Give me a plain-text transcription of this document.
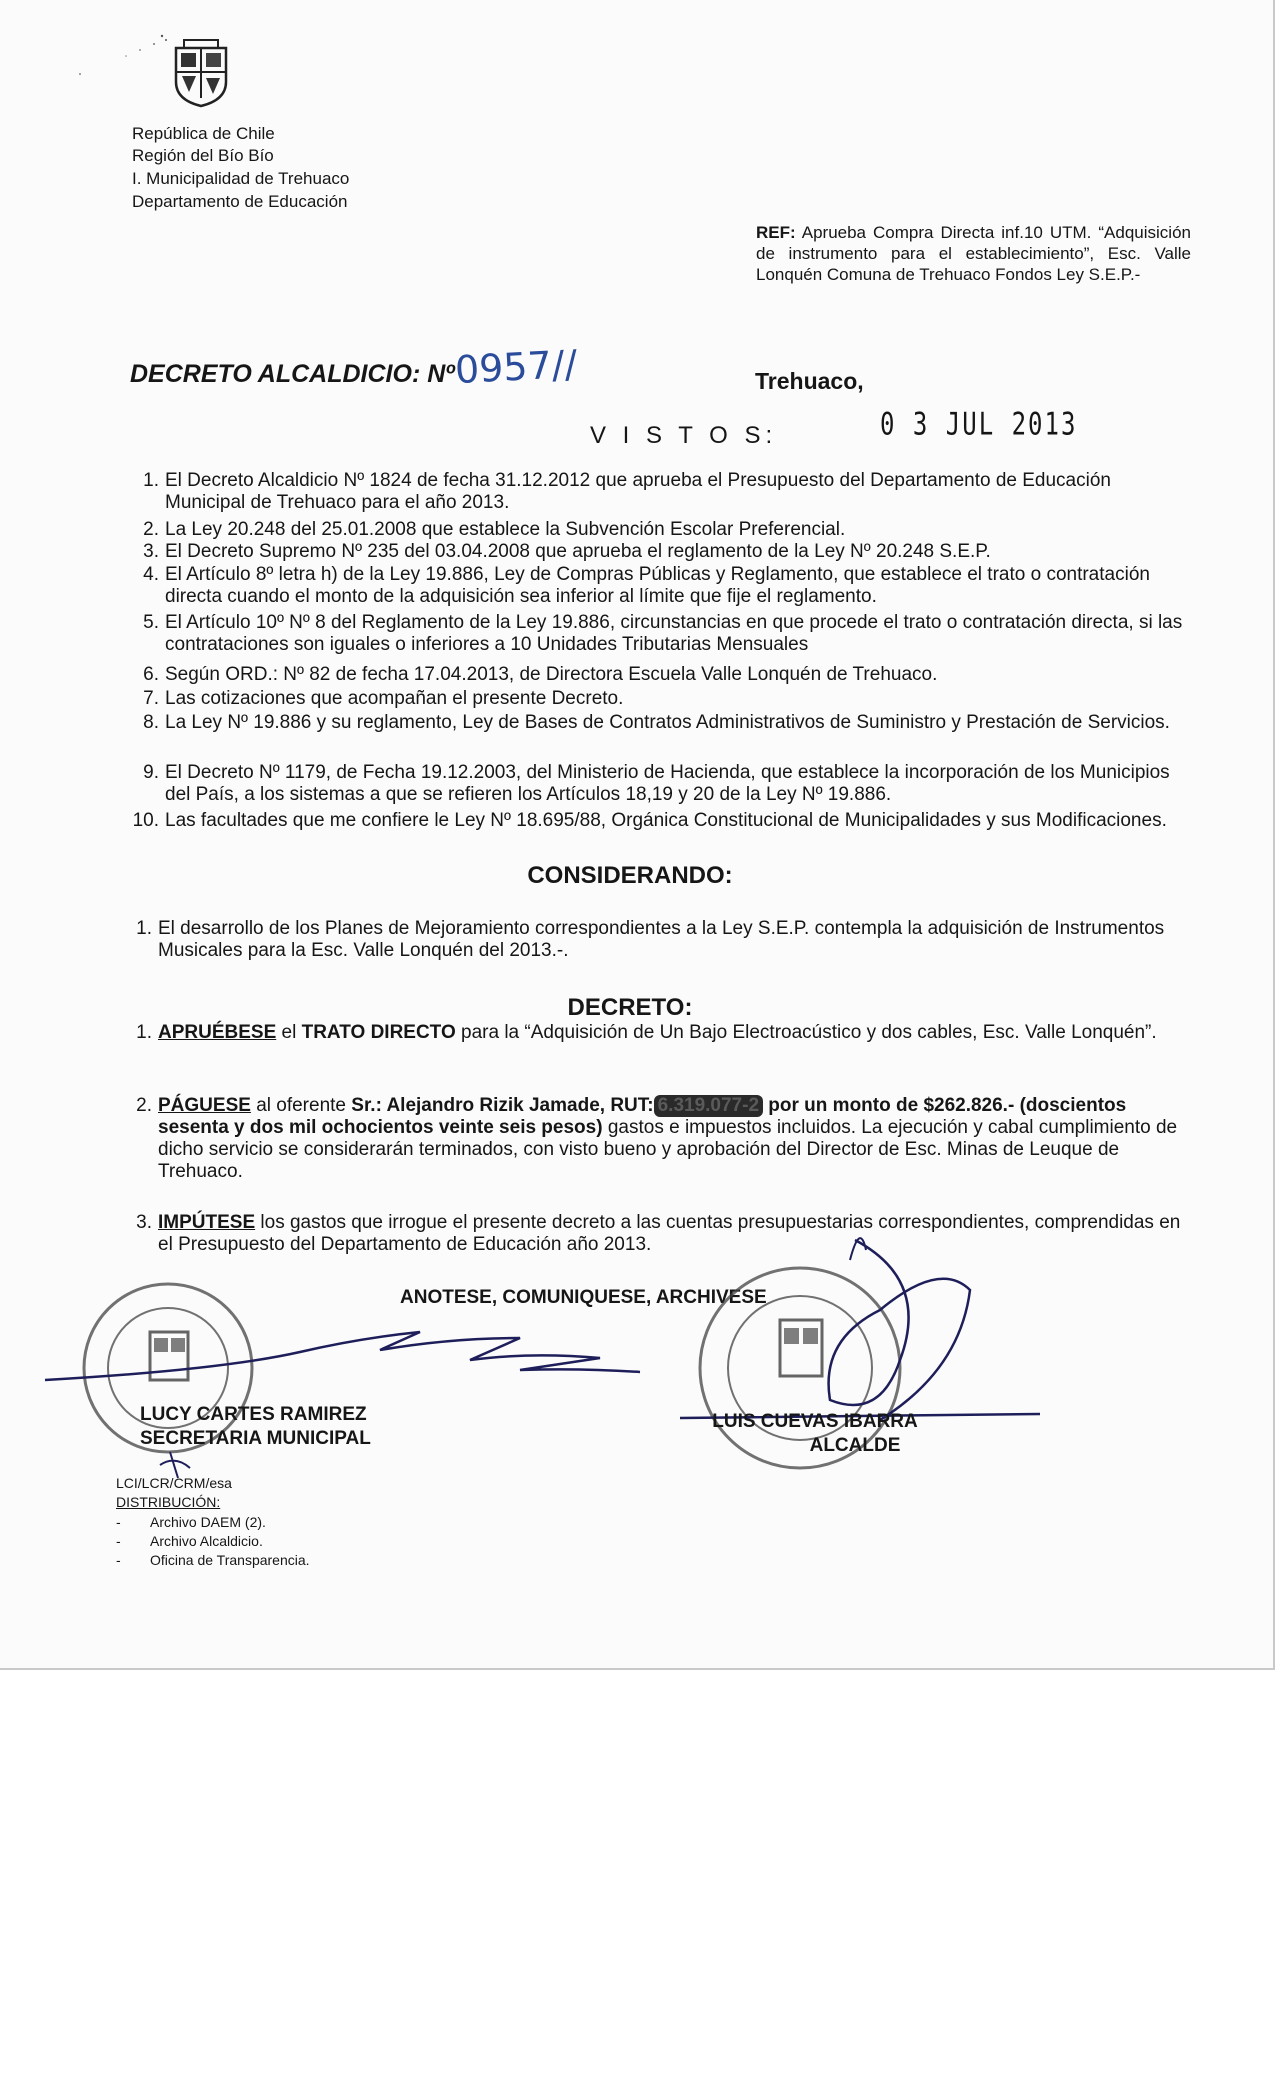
República de Chile
Región del Bío Bío
I. Municipalidad de Trehuaco
Departamento de Educación
REF: Aprueba Compra Directa inf.10 UTM. “Adquisición de instrumento para el establecimiento”, Esc. Valle Lonquén Comuna de Trehuaco Fondos Ley S.E.P.-
DECRETO ALCALDICIO: Nº 0957//	Trehuaco,
0 3 JUL 2013
V I S T O S:
1. El Decreto Alcaldicio Nº 1824 de fecha 31.12.2012 que aprueba el Presupuesto del Departamento de Educación Municipal de Trehuaco para el año 2013.
2. La Ley 20.248 del 25.01.2008 que establece la Subvención Escolar Preferencial.
3. El Decreto Supremo Nº 235 del 03.04.2008 que aprueba el reglamento de la Ley Nº 20.248 S.E.P.
4. El Artículo 8º letra h) de la Ley 19.886, Ley de Compras Públicas y Reglamento, que establece el trato o contratación directa cuando el monto de la adquisición sea inferior al límite que fije el reglamento.
5. El Artículo 10º Nº 8 del Reglamento de la Ley 19.886, circunstancias en que procede el trato o contratación directa, si las contrataciones son iguales o inferiores a 10 Unidades Tributarias Mensuales
6. Según ORD.: Nº 82 de fecha 17.04.2013, de Directora Escuela Valle Lonquén de Trehuaco.
7. Las cotizaciones que acompañan el presente Decreto.
8. La Ley Nº 19.886 y su reglamento, Ley de Bases de Contratos Administrativos de Suministro y Prestación de Servicios.
9. El Decreto Nº 1179, de Fecha 19.12.2003, del Ministerio de Hacienda, que establece la incorporación de los Municipios del País, a los sistemas a que se refieren los Artículos 18,19 y 20 de la Ley Nº 19.886.
10. Las facultades que me confiere le Ley Nº 18.695/88, Orgánica Constitucional de Municipalidades y sus Modificaciones.
CONSIDERANDO:
1. El desarrollo de los Planes de Mejoramiento correspondientes a la Ley S.E.P. contempla la adquisición de Instrumentos Musicales para la Esc. Valle Lonquén del 2013.-.
DECRETO:
1. APRUÉBESE el TRATO DIRECTO para la “Adquisición de Un Bajo Electroacústico y dos cables, Esc. Valle Lonquén”.
2. PÁGUESE al oferente Sr.: Alejandro Rizik Jamade, RUT: 6.319.077-2 por un monto de $262.826.- (doscientos sesenta y dos mil ochocientos veinte seis pesos) gastos e impuestos incluidos. La ejecución y cabal cumplimiento de dicho servicio se considerarán terminados, con visto bueno y aprobación del Director de Esc. Minas de Leuque de Trehuaco.
3. IMPÚTESE los gastos que irrogue el presente decreto a las cuentas presupuestarias correspondientes, comprendidas en el Presupuesto del Departamento de Educación año 2013.
ANOTESE, COMUNIQUESE, ARCHIVESE
LUCY CARTES RAMIREZ
SECRETARIA MUNICIPAL
LUIS CUEVAS IBARRA
ALCALDE
LCI/LCR/CRM/esa
DISTRIBUCIÓN:
- Archivo DAEM (2).
- Archivo Alcaldicio.
- Oficina de Transparencia.
